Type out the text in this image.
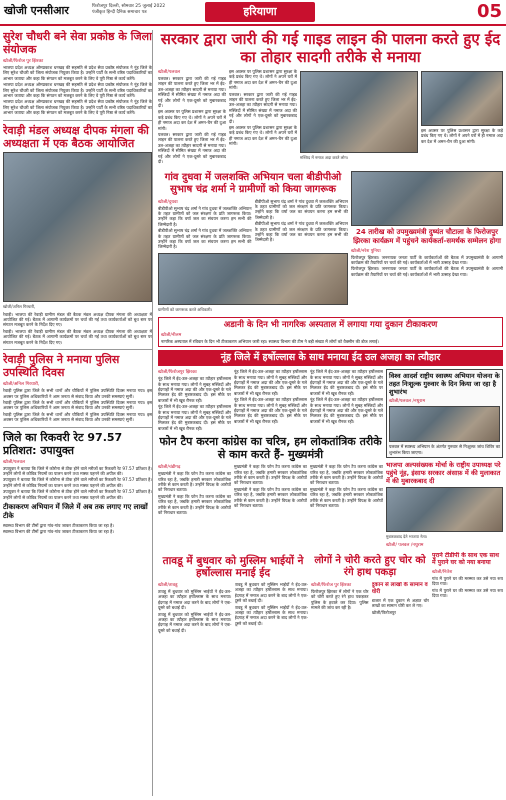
खोजी एनसीआर	फिरोजपुर दिल्ली, सोमवार 25 जुलाई 2022
पंजीकृत हिन्दी दैनिक समाचार पत्र	हरियाणा	05
सुरेश चौधरी बने सेवा प्रकोष्ठ के जिला संयोजक
खोजी/फिरोज पुर झिरका

भाजपा प्रदेश अध्यक्ष ओमप्रकाश धनखड़ की सहमति से प्रदेश सेवा प्रकोष्ठ संयोजक ने नूंह जिले के लिए सुरेश चौधरी को जिला संयोजक नियुक्त किया है। उन्होंने पार्टी के सभी वरिष्ठ पदाधिकारियों का आभार जताया और कहा कि संगठन को मजबूत करने के लिए वे पूरी निष्ठा से कार्य करेंगे।

भाजपा प्रदेश अध्यक्ष ओमप्रकाश धनखड़ की सहमति से प्रदेश सेवा प्रकोष्ठ संयोजक ने नूंह जिले के लिए सुरेश चौधरी को जिला संयोजक नियुक्त किया है। उन्होंने पार्टी के सभी वरिष्ठ पदाधिकारियों का आभार जताया और कहा कि संगठन को मजबूत करने के लिए वे पूरी निष्ठा से कार्य करेंगे।

भाजपा प्रदेश अध्यक्ष ओमप्रकाश धनखड़ की सहमति से प्रदेश सेवा प्रकोष्ठ संयोजक ने नूंह जिले के लिए सुरेश चौधरी को जिला संयोजक नियुक्त किया है। उन्होंने पार्टी के सभी वरिष्ठ पदाधिकारियों का आभार जताया और कहा कि संगठन को मजबूत करने के लिए वे पूरी निष्ठा से कार्य करेंगे।

रेवाड़ी मंडल अध्यक्ष दीपक मंगला की अध्यक्षता में एक बैठक आयोजित
खोजी/अनिल गिरधारी,

रेवाड़ी। भाजपा की रेवाड़ी ग्रामीण मंडल की बैठक मंडल अध्यक्ष दीपक मंगला की अध्यक्षता में आयोजित की गई। बैठक में आगामी कार्यक्रमों पर चर्चा की गई तथा कार्यकर्ताओं को बूथ स्तर पर संगठन मजबूत करने के निर्देश दिए गए।

रेवाड़ी। भाजपा की रेवाड़ी ग्रामीण मंडल की बैठक मंडल अध्यक्ष दीपक मंगला की अध्यक्षता में आयोजित की गई। बैठक में आगामी कार्यक्रमों पर चर्चा की गई तथा कार्यकर्ताओं को बूथ स्तर पर संगठन मजबूत करने के निर्देश दिए गए।

रेवाड़ी पुलिस ने मनाया पुलिस उपस्थिति दिवस
खोजी/अनिल गिरधारी,

रेवाड़ी पुलिस द्वारा जिले के सभी थानों और चौकियों में पुलिस उपस्थिति दिवस मनाया गया। इस अवसर पर पुलिस अधिकारियों ने आम जनता से संवाद किया और उनकी समस्याएं सुनीं।

रेवाड़ी पुलिस द्वारा जिले के सभी थानों और चौकियों में पुलिस उपस्थिति दिवस मनाया गया। इस अवसर पर पुलिस अधिकारियों ने आम जनता से संवाद किया और उनकी समस्याएं सुनीं।

रेवाड़ी पुलिस द्वारा जिले के सभी थानों और चौकियों में पुलिस उपस्थिति दिवस मनाया गया। इस अवसर पर पुलिस अधिकारियों ने आम जनता से संवाद किया और उनकी समस्याएं सुनीं।

जिले का रिकवरी रेट 97.57 प्रतिशत: उपायुक्त
खोजी/पलवल

उपायुक्त ने बताया कि जिले में कोरोना से ठीक होने वाले मरीजों का रिकवरी रेट 97.57 प्रतिशत है। उन्होंने लोगों से कोविड नियमों का पालन करने तथा मास्क पहनने की अपील की।

उपायुक्त ने बताया कि जिले में कोरोना से ठीक होने वाले मरीजों का रिकवरी रेट 97.57 प्रतिशत है। उन्होंने लोगों से कोविड नियमों का पालन करने तथा मास्क पहनने की अपील की।

उपायुक्त ने बताया कि जिले में कोरोना से ठीक होने वाले मरीजों का रिकवरी रेट 97.57 प्रतिशत है। उन्होंने लोगों से कोविड नियमों का पालन करने तथा मास्क पहनने की अपील की।

टीकाकरण अभियान में जिले में अब तक लगाए गए लाखों टीके

स्वास्थ्य विभाग की टीमों द्वारा गांव-गांव जाकर टीकाकरण किया जा रहा है।

स्वास्थ्य विभाग की टीमों द्वारा गांव-गांव जाकर टीकाकरण किया जा रहा है।

सरकार द्वारा जारी की गई गाइड लाइन की पालना करते हुए ईद का तोहार सादगी तरीके से मनाया
खोजी/पलवल

पलवल। सरकार द्वारा जारी की गई गाइड लाइन की पालना करते हुए जिला भर में ईद-उल-अजहा का त्यौहार सादगी से मनाया गया। मस्जिदों में सीमित संख्या में नमाज अदा की गई और लोगों ने एक-दूसरे को मुबारकबाद दी।

इस अवसर पर पुलिस प्रशासन द्वारा सुरक्षा के कड़े प्रबंध किए गए थे। लोगों ने अपने घरों में ही नमाज अदा कर देश में अमन-चैन की दुआ मांगी।

पलवल। सरकार द्वारा जारी की गई गाइड लाइन की पालना करते हुए जिला भर में ईद-उल-अजहा का त्यौहार सादगी से मनाया गया। मस्जिदों में सीमित संख्या में नमाज अदा की गई और लोगों ने एक-दूसरे को मुबारकबाद दी।

इस अवसर पर पुलिस प्रशासन द्वारा सुरक्षा के कड़े प्रबंध किए गए थे। लोगों ने अपने घरों में ही नमाज अदा कर देश में अमन-चैन की दुआ मांगी।

पलवल। सरकार द्वारा जारी की गई गाइड लाइन की पालना करते हुए जिला भर में ईद-उल-अजहा का त्यौहार सादगी से मनाया गया। मस्जिदों में सीमित संख्या में नमाज अदा की गई और लोगों ने एक-दूसरे को मुबारकबाद दी।

इस अवसर पर पुलिस प्रशासन द्वारा सुरक्षा के कड़े प्रबंध किए गए थे। लोगों ने अपने घरों में ही नमाज अदा कर देश में अमन-चैन की दुआ मांगी।

मस्जिद में नमाज अदा करते लोग।

इस अवसर पर पुलिस प्रशासन द्वारा सुरक्षा के कड़े प्रबंध किए गए थे। लोगों ने अपने घरों में ही नमाज अदा कर देश में अमन-चैन की दुआ मांगी।

गांव दुधवा में जलशक्ति अभियान चला बीडीपीओ सुभाष चंद्र शर्मा ने ग्रामीणों को किया जागरूक
खोजी/दुधवा

बीडीपीओ सुभाष चंद्र शर्मा ने गांव दुधवा में जलशक्ति अभियान के तहत ग्रामीणों को जल संरक्षण के प्रति जागरूक किया। उन्होंने कहा कि वर्षा जल का संचयन करना हम सभी की जिम्मेदारी है।

बीडीपीओ सुभाष चंद्र शर्मा ने गांव दुधवा में जलशक्ति अभियान के तहत ग्रामीणों को जल संरक्षण के प्रति जागरूक किया। उन्होंने कहा कि वर्षा जल का संचयन करना हम सभी की जिम्मेदारी है।

बीडीपीओ सुभाष चंद्र शर्मा ने गांव दुधवा में जलशक्ति अभियान के तहत ग्रामीणों को जल संरक्षण के प्रति जागरूक किया। उन्होंने कहा कि वर्षा जल का संचयन करना हम सभी की जिम्मेदारी है।

बीडीपीओ सुभाष चंद्र शर्मा ने गांव दुधवा में जलशक्ति अभियान के तहत ग्रामीणों को जल संरक्षण के प्रति जागरूक किया। उन्होंने कहा कि वर्षा जल का संचयन करना हम सभी की जिम्मेदारी है।

ग्रामीणों को जागरूक करते अधिकारी।
24 तारीख को उपमुख्यमंत्री दुष्यंत चौटाला के फिरोजपुर झिरका कार्यक्रम में पहुंचने कार्यकर्ता-समर्थक सम्मेलन होगा
खोजी/नरेश पुनिया

फिरोजपुर झिरका। जननायक जनता पार्टी के कार्यकर्ताओं की बैठक में उपमुख्यमंत्री के आगामी कार्यक्रम की तैयारियों पर चर्चा की गई। कार्यकर्ताओं में भारी उत्साह देखा गया।

फिरोजपुर झिरका। जननायक जनता पार्टी के कार्यकर्ताओं की बैठक में उपमुख्यमंत्री के आगामी कार्यक्रम की तैयारियों पर चर्चा की गई। कार्यकर्ताओं में भारी उत्साह देखा गया।

अडानी के दिन भी नागरिक अस्पताल में लगाया गया दुकान टीकाकरण
खोजी/नीलम
नागरिक अस्पताल में रविवार के दिन भी टीकाकरण अभियान जारी रहा। स्वास्थ्य विभाग की टीम ने बड़ी संख्या में लोगों को वैक्सीन की डोज लगाई।
नूंह जिले में हर्षोल्लास के साथ मनाया ईद उल अजहा का त्यौहार
खोजी/फिरोजपुर झिरका

नूंह जिले में ईद-उल-अजहा का त्यौहार हर्षोल्लास के साथ मनाया गया। लोगों ने सुबह मस्जिदों और ईदगाहों में नमाज अदा की और एक-दूसरे के गले मिलकर ईद की मुबारकबाद दी। इस मौके पर बाजारों में भी खूब रौनक रही।

नूंह जिले में ईद-उल-अजहा का त्यौहार हर्षोल्लास के साथ मनाया गया। लोगों ने सुबह मस्जिदों और ईदगाहों में नमाज अदा की और एक-दूसरे के गले मिलकर ईद की मुबारकबाद दी। इस मौके पर बाजारों में भी खूब रौनक रही।

नूंह जिले में ईद-उल-अजहा का त्यौहार हर्षोल्लास के साथ मनाया गया। लोगों ने सुबह मस्जिदों और ईदगाहों में नमाज अदा की और एक-दूसरे के गले मिलकर ईद की मुबारकबाद दी। इस मौके पर बाजारों में भी खूब रौनक रही।

नूंह जिले में ईद-उल-अजहा का त्यौहार हर्षोल्लास के साथ मनाया गया। लोगों ने सुबह मस्जिदों और ईदगाहों में नमाज अदा की और एक-दूसरे के गले मिलकर ईद की मुबारकबाद दी। इस मौके पर बाजारों में भी खूब रौनक रही।

नूंह जिले में ईद-उल-अजहा का त्यौहार हर्षोल्लास के साथ मनाया गया। लोगों ने सुबह मस्जिदों और ईदगाहों में नमाज अदा की और एक-दूसरे के गले मिलकर ईद की मुबारकबाद दी। इस मौके पर बाजारों में भी खूब रौनक रही।

नूंह जिले में ईद-उल-अजहा का त्यौहार हर्षोल्लास के साथ मनाया गया। लोगों ने सुबह मस्जिदों और ईदगाहों में नमाज अदा की और एक-दूसरे के गले मिलकर ईद की मुबारकबाद दी। इस मौके पर बाजारों में भी खूब रौनक रही।

फोन टैप करना कांग्रेस का चरित्र, हम लोकतांत्रिक तरीके से काम करते हैं- मुख्यमंत्री
खोजी/चंडीगढ़

मुख्यमंत्री ने कहा कि फोन टैप करना कांग्रेस का चरित्र रहा है, जबकि हमारी सरकार लोकतांत्रिक तरीके से काम करती है। उन्होंने विपक्ष के आरोपों को निराधार बताया।

मुख्यमंत्री ने कहा कि फोन टैप करना कांग्रेस का चरित्र रहा है, जबकि हमारी सरकार लोकतांत्रिक तरीके से काम करती है। उन्होंने विपक्ष के आरोपों को निराधार बताया।

मुख्यमंत्री ने कहा कि फोन टैप करना कांग्रेस का चरित्र रहा है, जबकि हमारी सरकार लोकतांत्रिक तरीके से काम करती है। उन्होंने विपक्ष के आरोपों को निराधार बताया।

मुख्यमंत्री ने कहा कि फोन टैप करना कांग्रेस का चरित्र रहा है, जबकि हमारी सरकार लोकतांत्रिक तरीके से काम करती है। उन्होंने विपक्ष के आरोपों को निराधार बताया।

मुख्यमंत्री ने कहा कि फोन टैप करना कांग्रेस का चरित्र रहा है, जबकि हमारी सरकार लोकतांत्रिक तरीके से काम करती है। उन्होंने विपक्ष के आरोपों को निराधार बताया।

मुख्यमंत्री ने कहा कि फोन टैप करना कांग्रेस का चरित्र रहा है, जबकि हमारी सरकार लोकतांत्रिक तरीके से काम करती है। उन्होंने विपक्ष के आरोपों को निराधार बताया।

विश्व आदर्श राष्ट्रीय स्वास्थ्य अभियान योजना के तहत निःशुल्क गुरुवार के दिन किया जा रहा है शुभारंभ
खोजी/पलवल /नथुराम
पलवल में स्वास्थ्य अभियान के अंतर्गत गुरुवार से निःशुल्क जांच शिविर का शुभारंभ किया जाएगा।
भाजपा अल्पसंख्यक मोर्चा के राष्ट्रीय उपाध्यक्ष परे पहुंचे नूंह, इंसाफ सरकार अंसाफ़ में की मुलाकात में की मुबारकबाद दी
मुबारकबाद देते भाजपा नेता।
खोजी/ पलवल /नथुराम
तावडू में बुधवार को मुस्लिम भाईयों ने हर्षोल्लास मनाई ईद
खोजी/तावडू

तावडू में बुधवार को मुस्लिम भाईयों ने ईद-उल-अजहा का त्यौहार हर्षोल्लास के साथ मनाया। ईदगाह में नमाज अदा करने के बाद लोगों ने एक-दूसरे को बधाई दी।

तावडू में बुधवार को मुस्लिम भाईयों ने ईद-उल-अजहा का त्यौहार हर्षोल्लास के साथ मनाया। ईदगाह में नमाज अदा करने के बाद लोगों ने एक-दूसरे को बधाई दी।

तावडू में बुधवार को मुस्लिम भाईयों ने ईद-उल-अजहा का त्यौहार हर्षोल्लास के साथ मनाया। ईदगाह में नमाज अदा करने के बाद लोगों ने एक-दूसरे को बधाई दी।

तावडू में बुधवार को मुस्लिम भाईयों ने ईद-उल-अजहा का त्यौहार हर्षोल्लास के साथ मनाया। ईदगाह में नमाज अदा करने के बाद लोगों ने एक-दूसरे को बधाई दी।

लोगों ने चोरी करते हुए चोर को रंगे हाथ पकड़ा
खोजी/फिरोज पुर झिरका

फिरोजपुर झिरका में लोगों ने एक चोर को चोरी करते हुए रंगे हाथ पकड़कर पुलिस के हवाले कर दिया। पुलिस मामले की जांच कर रही है।

दुकान से लाखों के सामान व चोरी

बाजार में एक दुकान से अज्ञात चोर लाखों का सामान चोरी कर ले गए।

खोजी/फिरोजपुर

पुराने टीडीपी के साथ एक साथ में पुराने घर को नया बनाया
खोजी/नितेश

गांव में पुराने घर की मरम्मत कर उसे नया रूप दिया गया।

गांव में पुराने घर की मरम्मत कर उसे नया रूप दिया गया।
